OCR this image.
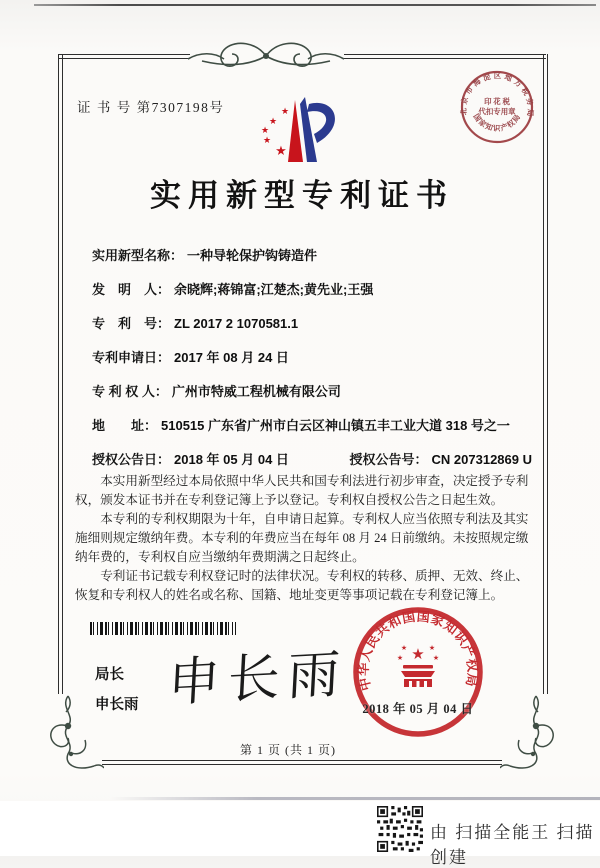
证 书 号 第7307198号	北京市海淀区地方税务局
印 花 税
代扣专用章
国家知识产权局
★
★
★
★
★
实用新型专利证书
实用新型名称： 一种导轮保护钩铸造件
发　明　人： 余晓辉;蒋锦富;江楚杰;黄先业;王强
专　利　号： ZL 2017 2 1070581.1
专利申请日： 2017 年 08 月 24 日
专 利 权 人： 广州市特威工程机械有限公司
地　　址： 510515 广东省广州市白云区神山镇五丰工业大道 318 号之一
授权公告日： 2018 年 05 月 04 日	授权公告号： CN 207312869 U

本实用新型经过本局依照中华人民共和国专利法进行初步审查，决定授予专利权，颁发本证书并在专利登记簿上予以登记。专利权自授权公告之日起生效。

本专利的专利权期限为十年，自申请日起算。专利权人应当依照专利法及其实施细则规定缴纳年费。本专利的年费应当在每年 08 月 24 日前缴纳。未按照规定缴纳年费的，专利权自应当缴纳年费期满之日起终止。

专利证书记载专利权登记时的法律状况。专利权的转移、质押、无效、终止、恢复和专利权人的姓名或名称、国籍、地址变更等事项记载在专利登记簿上。

局长
申长雨 申长雨 中华人民共和国国家知识产权局
★
★	★
★	★
2018 年 05 月 04 日
第 1 页 (共 1 页)
由 扫描全能王 扫描创建
